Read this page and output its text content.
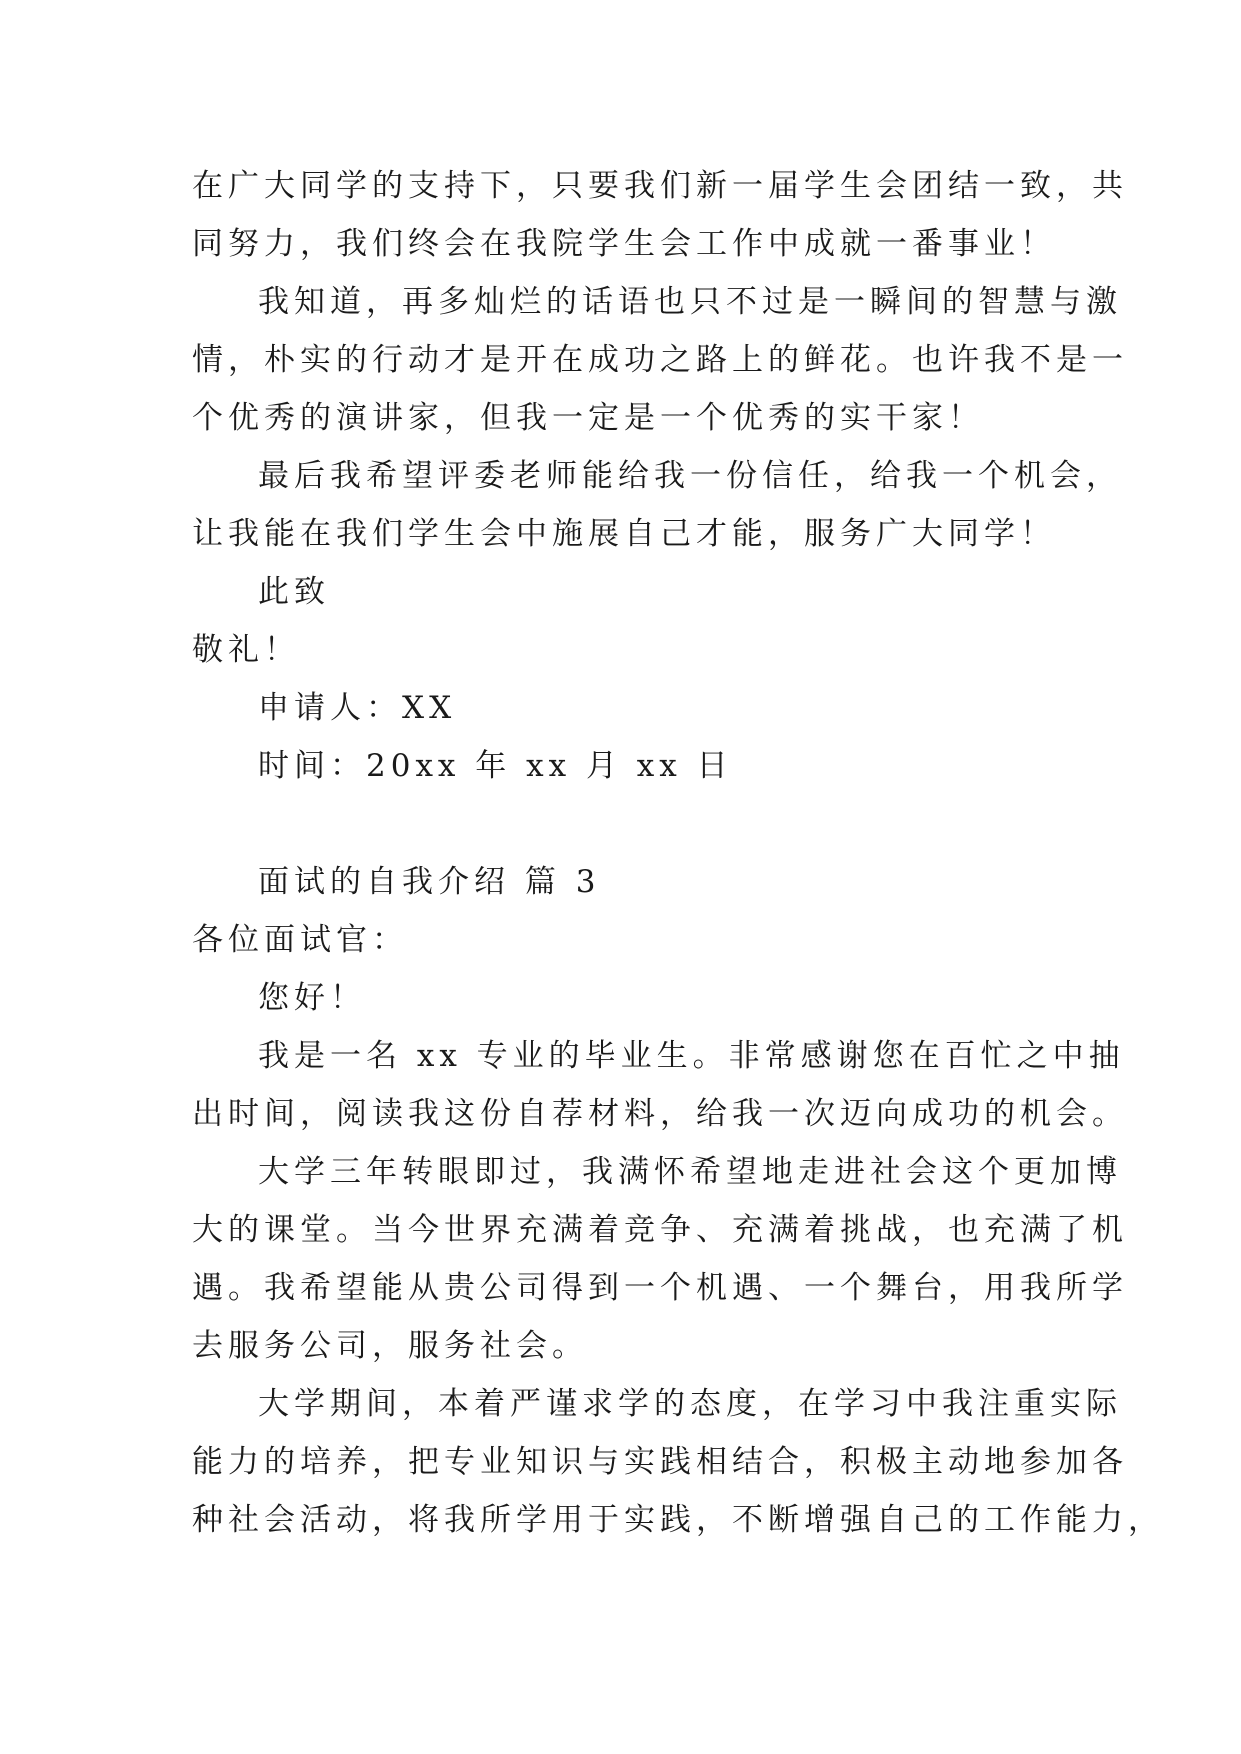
在广大同学的支持下，只要我们新一届学生会团结一致，共
同努力，我们终会在我院学生会工作中成就一番事业！
我知道，再多灿烂的话语也只不过是一瞬间的智慧与激
情，朴实的行动才是开在成功之路上的鲜花。也许我不是一
个优秀的演讲家，但我一定是一个优秀的实干家！
最后我希望评委老师能给我一份信任，给我一个机会，
让我能在我们学生会中施展自己才能，服务广大同学！
此致
敬礼！
申请人：XX
时间：20xx 年 xx 月 xx 日
面试的自我介绍 篇 3
各位面试官：
您好！
我是一名 xx 专业的毕业生。非常感谢您在百忙之中抽
出时间，阅读我这份自荐材料，给我一次迈向成功的机会。
大学三年转眼即过，我满怀希望地走进社会这个更加博
大的课堂。当今世界充满着竞争、充满着挑战，也充满了机
遇。我希望能从贵公司得到一个机遇、一个舞台，用我所学
去服务公司，服务社会。
大学期间，本着严谨求学的态度，在学习中我注重实际
能力的培养，把专业知识与实践相结合，积极主动地参加各
种社会活动，将我所学用于实践，不断增强自己的工作能力，
